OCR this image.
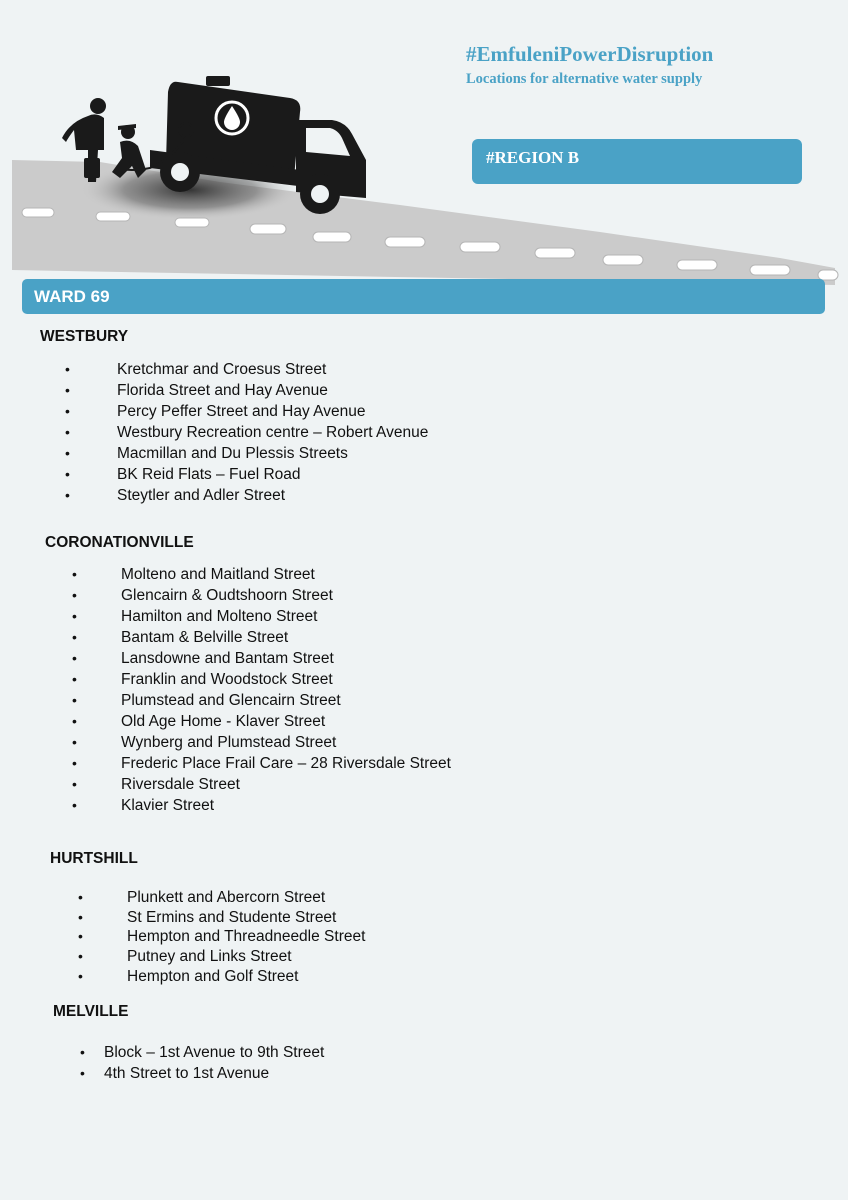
#EmfuleniPowerDisruption
Locations for alternative water supply
#REGION B
WARD 69
WESTBURY
•	Kretchmar and Croesus Street
•	Florida Street and Hay Avenue
•	Percy Peffer Street and Hay Avenue
•	Westbury Recreation centre – Robert Avenue
•	Macmillan and Du Plessis Streets
•	BK Reid Flats – Fuel Road
•	Steytler and Adler Street
CORONATIONVILLE
•	Molteno and Maitland Street
•	Glencairn & Oudtshoorn Street
•	Hamilton and Molteno Street
•	Bantam & Belville Street
•	Lansdowne and Bantam Street
•	Franklin and Woodstock Street
•	Plumstead and Glencairn Street
•	Old Age Home - Klaver Street
•	Wynberg and Plumstead Street
•	Frederic Place Frail Care – 28 Riversdale Street
•	Riversdale Street
•	Klavier Street
HURTSHILL
•	Plunkett and Abercorn Street
•	St Ermins and Studente Street
•	Hempton and Threadneedle Street
•	Putney and Links Street
•	Hempton and Golf Street
MELVILLE
• Block – 1st Avenue to 9th Street
• 4th Street to 1st Avenue
